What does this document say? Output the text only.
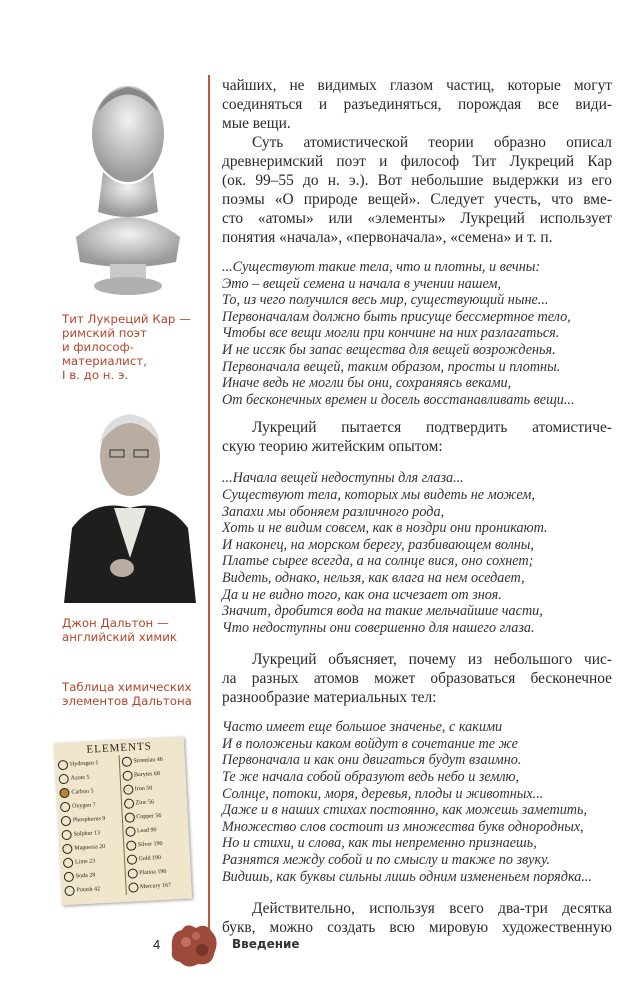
ELEMENTS
Hydrogen 1
Azote 5
Carbon 5
Oxygen 7
Phosphorus 9
Sulphur 13
Magnesia 20
Lime 23
Soda 28
Potash 42
Strontian 46
Barytes 68
Iron 50
Zinc 56
Copper 56
Lead 90
Silver 190
Gold 190
Platina 190
Mercury 167
Тит Лукреций Кар —
римский поэт
и философ-
материалист,
I в. до н. э.
Джон Дальтон —
английский химик
Таблица химических
элементов Дальтона
чайших, не видимых глазом частиц, которые могут
соединяться и разъединяться, порождая все види-
мые вещи.
Суть атомистической теории образно описал
древнеримский поэт и философ Тит Лукреций Кар
(ок. 99–55 до н. э.). Вот небольшие выдержки из его
поэмы «О природе вещей». Следует учесть, что вме-
сто «атомы» или «элементы» Лукреций использует
понятия «начала», «первоначала», «семена» и т. п.
...Существуют такие тела, что и плотны, и вечны:
Это – вещей семена и начала в учении нашем,
То, из чего получился весь мир, существующий ныне...
Первоначалам должно быть присуще бессмертное тело,
Чтобы все вещи могли при кончине на них разлагаться.
И не иссяк бы запас вещества для вещей возрожденья.
Первоначала вещей, таким образом, просты и плотны.
Иначе ведь не могли бы они, сохраняясь веками,
От бесконечных времен и досель восстанавливать вещи...
Лукреций пытается подтвердить атомистиче-
скую теорию житейским опытом:
...Начала вещей недоступны для глаза...
Существуют тела, которых мы видеть не можем,
Запахи мы обоняем различного рода,
Хоть и не видим совсем, как в ноздри они проникают.
И наконец, на морском берегу, разбивающем волны,
Платье сырее всегда, а на солнце вися, оно сохнет;
Видеть, однако, нельзя, как влага на нем оседает,
Да и не видно того, как она исчезает от зноя.
Значит, дробится вода на такие мельчайшие части,
Что недоступны они совершенно для нашего глаза.
Лукреций объясняет, почему из небольшого чис-
ла разных атомов может образоваться бесконечное
разнообразие материальных тел:
Часто имеет еще большое значенье, с какими
И в положеньи каком войдут в сочетание те же
Первоначала и как они двигаться будут взаимно.
Те же начала собой образуют ведь небо и землю,
Солнце, потоки, моря, деревья, плоды и животных...
Даже и в наших стихах постоянно, как можешь заметить,
Множество слов состоит из множества букв однородных,
Но и стихи, и слова, как ты непременно признаешь,
Разнятся между собой и по смыслу и также по звуку.
Видишь, как буквы сильны лишь одним измененьем порядка...
Действительно, используя всего два-три десятка
букв, можно создать всю мировую художественную
4	Введение
